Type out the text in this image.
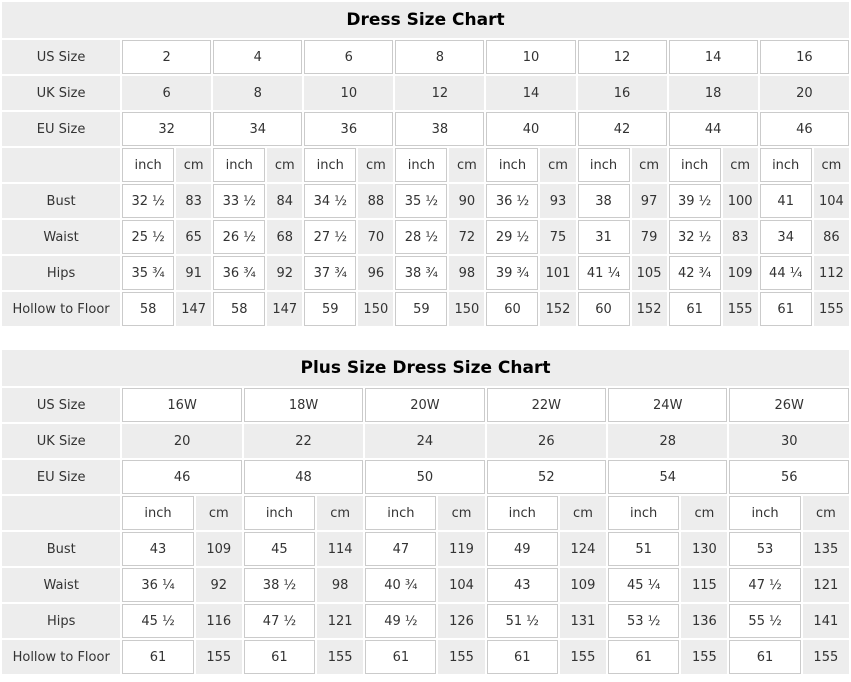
Dress Size Chart																
US Size	2		4		6		8		10		12		14		16	
UK Size	6		8		10		12		14		16		18		20	
EU Size	32		34		36		38		40		42		44		46	
	inch	cm	inch	cm	inch	cm	inch	cm	inch	cm	inch	cm	inch	cm	inch	cm
Bust	32 ½	83	33 ½	84	34 ½	88	35 ½	90	36 ½	93	38	97	39 ½	100	41	104
Waist	25 ½	65	26 ½	68	27 ½	70	28 ½	72	29 ½	75	31	79	32 ½	83	34	86
Hips	35 ¾	91	36 ¾	92	37 ¾	96	38 ¾	98	39 ¾	101	41 ¼	105	42 ¾	109	44 ¼	112
Hollow to Floor	58	147	58	147	59	150	59	150	60	152	60	152	61	155	61	155
Plus Size Dress Size Chart												
US Size	16W		18W		20W		22W		24W		26W	
UK Size	20		22		24		26		28		30	
EU Size	46		48		50		52		54		56	
	inch	cm	inch	cm	inch	cm	inch	cm	inch	cm	inch	cm
Bust	43	109	45	114	47	119	49	124	51	130	53	135
Waist	36 ¼	92	38 ½	98	40 ¾	104	43	109	45 ¼	115	47 ½	121
Hips	45 ½	116	47 ½	121	49 ½	126	51 ½	131	53 ½	136	55 ½	141
Hollow to Floor	61	155	61	155	61	155	61	155	61	155	61	155
